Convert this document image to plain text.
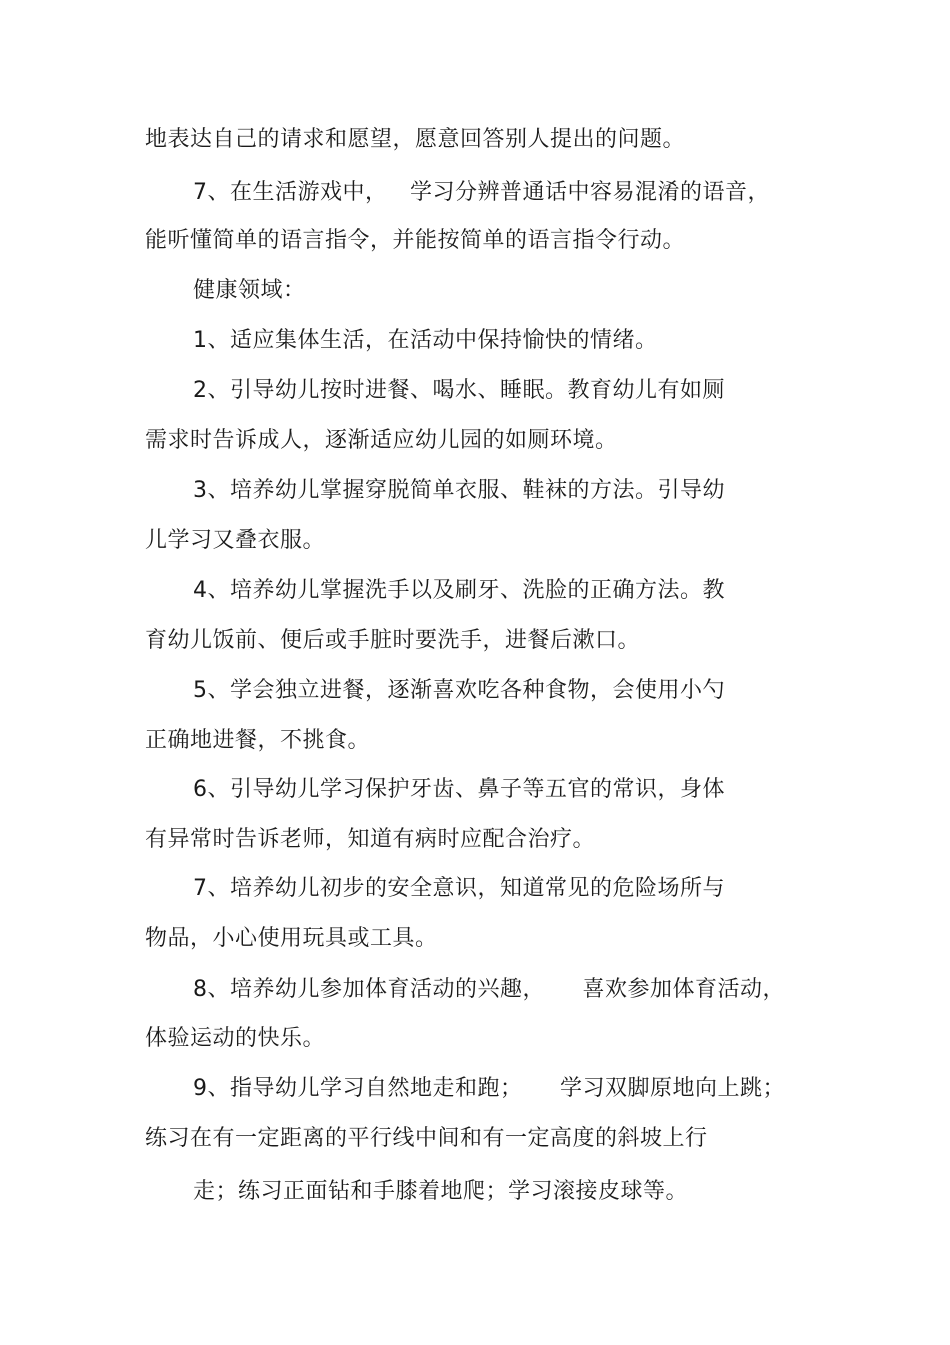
地表达自己的请求和愿望，愿意回答别人提出的问题。
7、在生活游戏中，   学习分辨普通话中容易混淆的语音，
能听懂简单的语言指令，并能按简单的语言指令行动。
健康领域：
1、适应集体生活，在活动中保持愉快的情绪。
2、引导幼儿按时进餐、喝水、睡眠。教育幼儿有如厕
需求时告诉成人，逐渐适应幼儿园的如厕环境。
3、培养幼儿掌握穿脱简单衣服、鞋袜的方法。引导幼
儿学习又叠衣服。
4、培养幼儿掌握洗手以及刷牙、洗脸的正确方法。教
育幼儿饭前、便后或手脏时要洗手，进餐后漱口。
5、学会独立进餐，逐渐喜欢吃各种食物，会使用小勺
正确地进餐，不挑食。
6、引导幼儿学习保护牙齿、鼻子等五官的常识，身体
有异常时告诉老师，知道有病时应配合治疗。
7、培养幼儿初步的安全意识，知道常见的危险场所与
物品，小心使用玩具或工具。
8、培养幼儿参加体育活动的兴趣，     喜欢参加体育活动，
体验运动的快乐。
9、指导幼儿学习自然地走和跑；     学习双脚原地向上跳；
练习在有一定距离的平行线中间和有一定高度的斜坡上行
走；练习正面钻和手膝着地爬；学习滚接皮球等。
